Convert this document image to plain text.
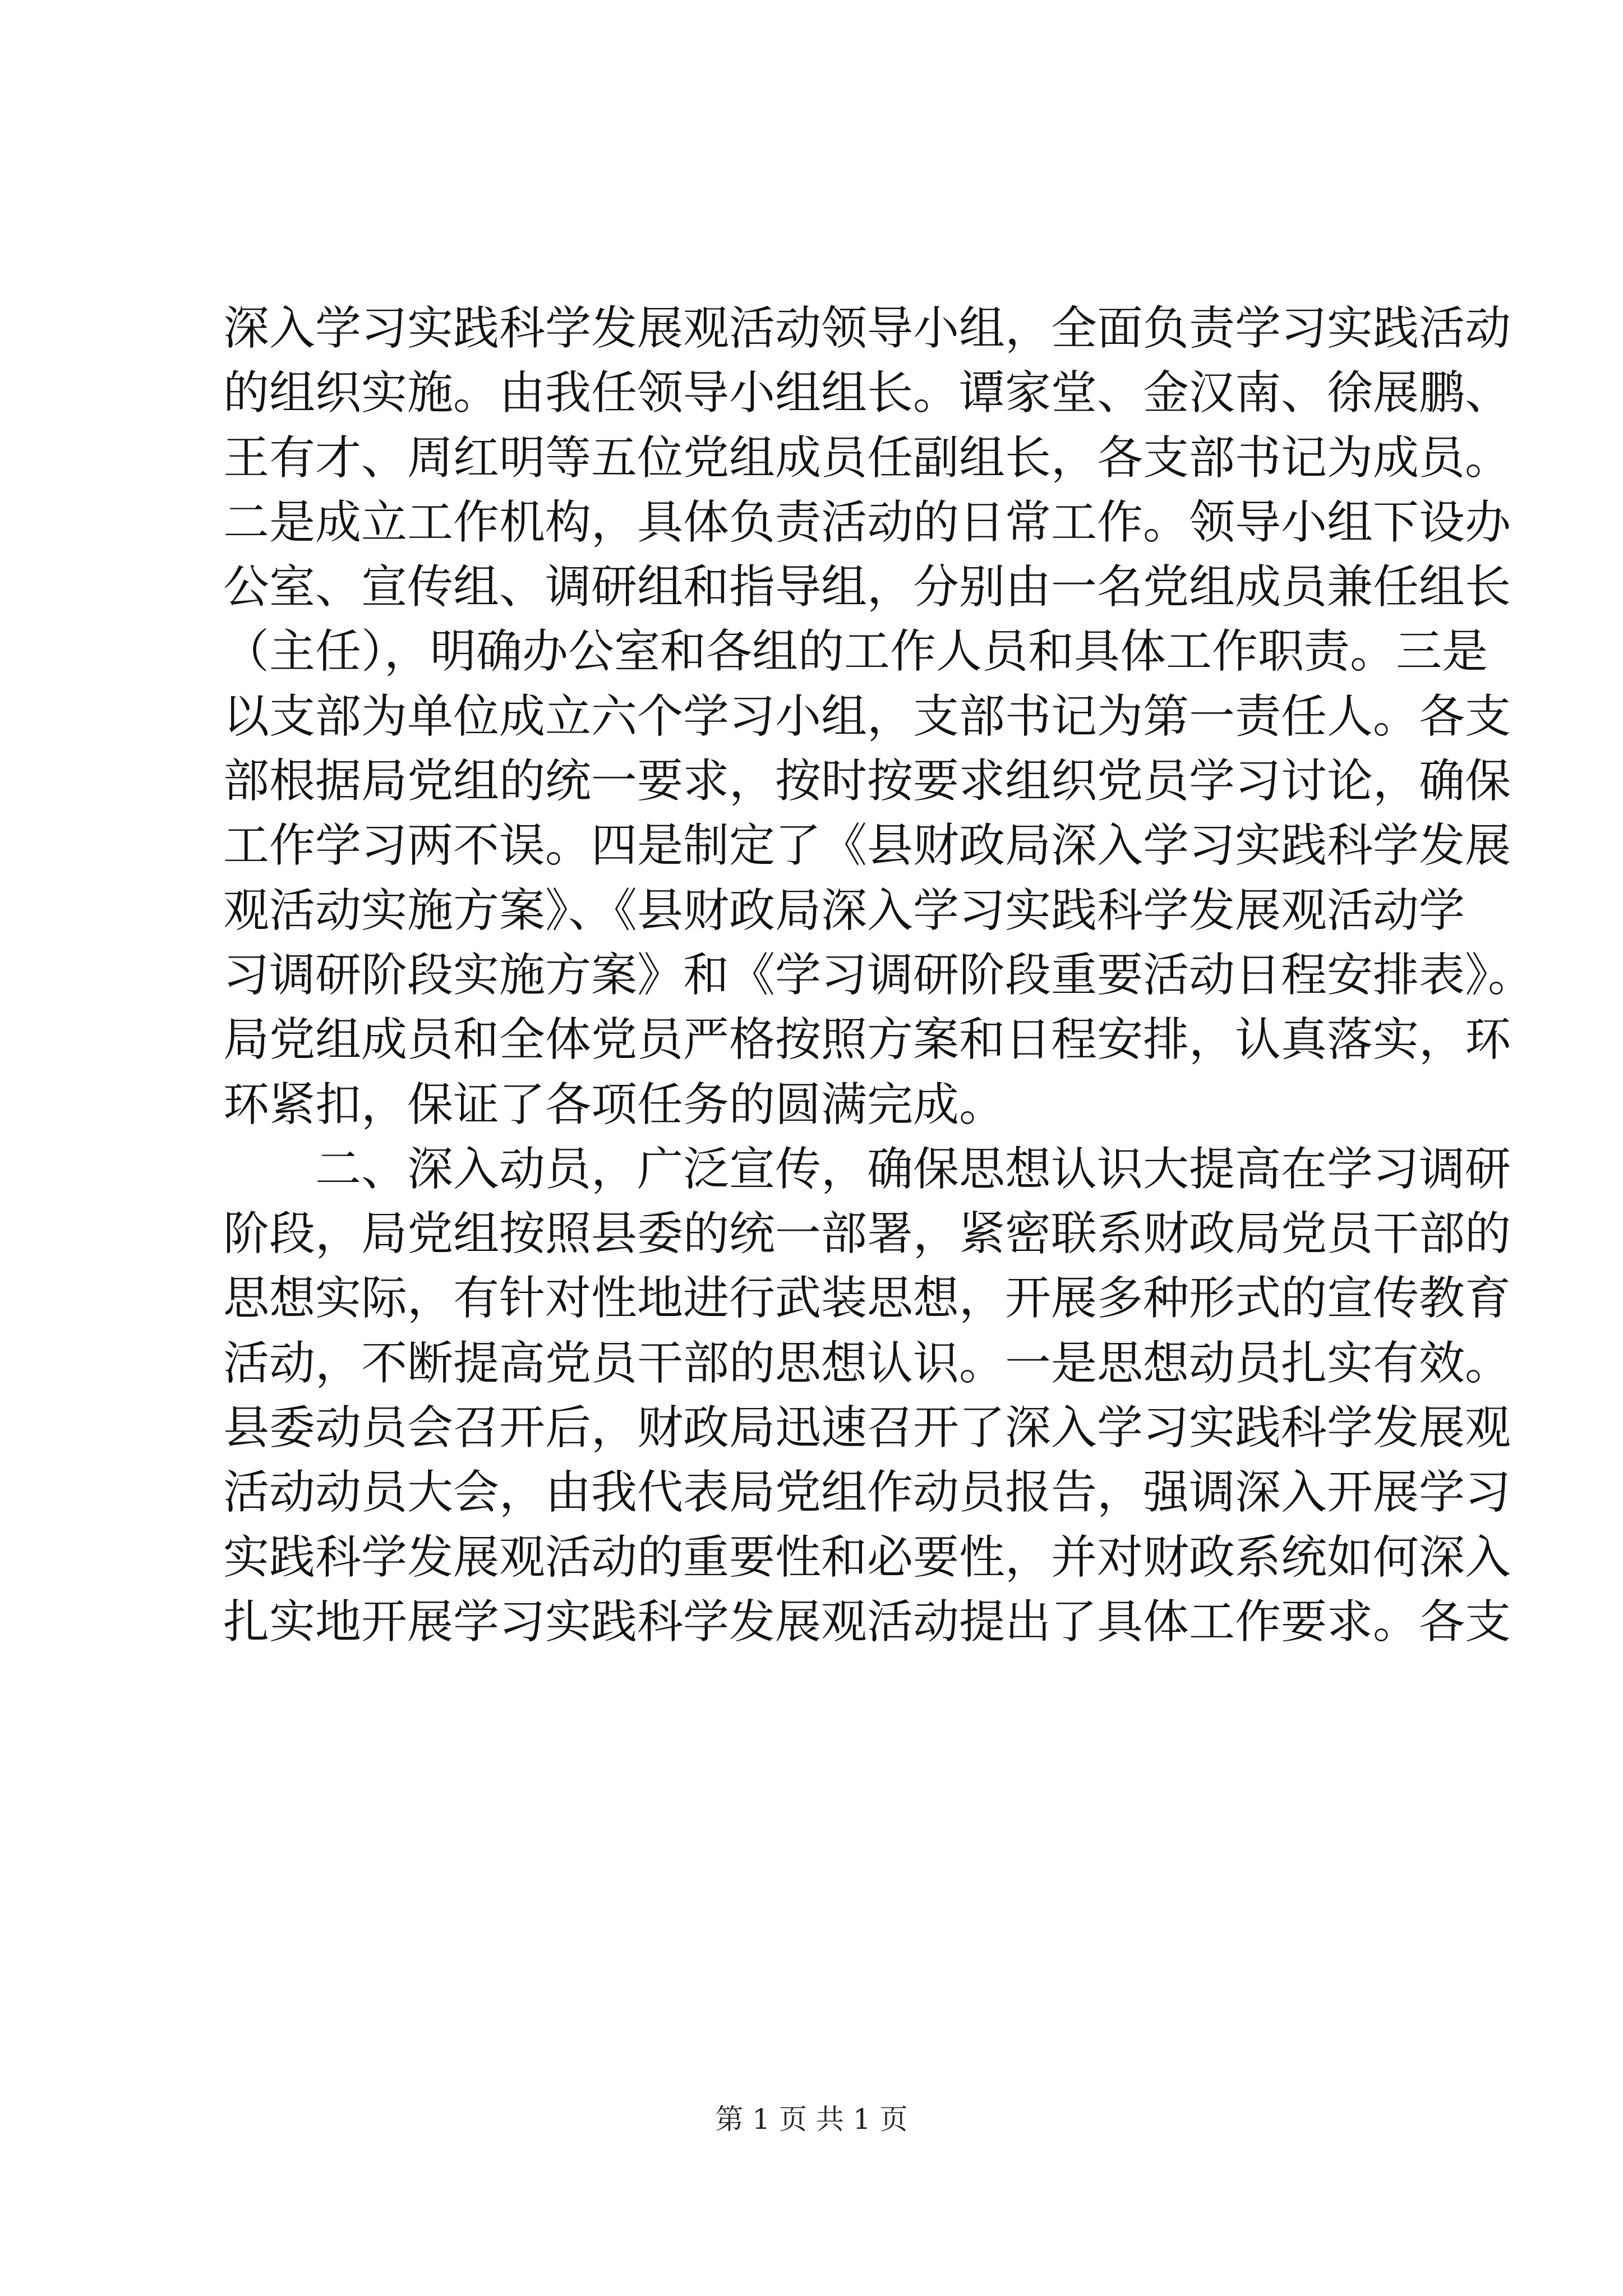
深入学习实践科学发展观活动领导小组，全面负责学习实践活动
的组织实施。由我任领导小组组长。谭家堂、金汉南、徐展鹏、
王有才、周红明等五位党组成员任副组长，各支部书记为成员。
二是成立工作机构，具体负责活动的日常工作。领导小组下设办
公室、宣传组、调研组和指导组，分别由一名党组成员兼任组长
（主任），明确办公室和各组的工作人员和具体工作职责。三是
以支部为单位成立六个学习小组，支部书记为第一责任人。各支
部根据局党组的统一要求，按时按要求组织党员学习讨论，确保
工作学习两不误。四是制定了《县财政局深入学习实践科学发展
观活动实施方案》、《县财政局深入学习实践科学发展观活动学
习调研阶段实施方案》和《学习调研阶段重要活动日程安排表》。
局党组成员和全体党员严格按照方案和日程安排，认真落实，环
环紧扣，保证了各项任务的圆满完成。
二、深入动员，广泛宣传，确保思想认识大提高在学习调研
阶段，局党组按照县委的统一部署，紧密联系财政局党员干部的
思想实际，有针对性地进行武装思想，开展多种形式的宣传教育
活动，不断提高党员干部的思想认识。一是思想动员扎实有效。
县委动员会召开后，财政局迅速召开了深入学习实践科学发展观
活动动员大会，由我代表局党组作动员报告，强调深入开展学习
实践科学发展观活动的重要性和必要性，并对财政系统如何深入
扎实地开展学习实践科学发展观活动提出了具体工作要求。各支
第 1 页 共 1 页
